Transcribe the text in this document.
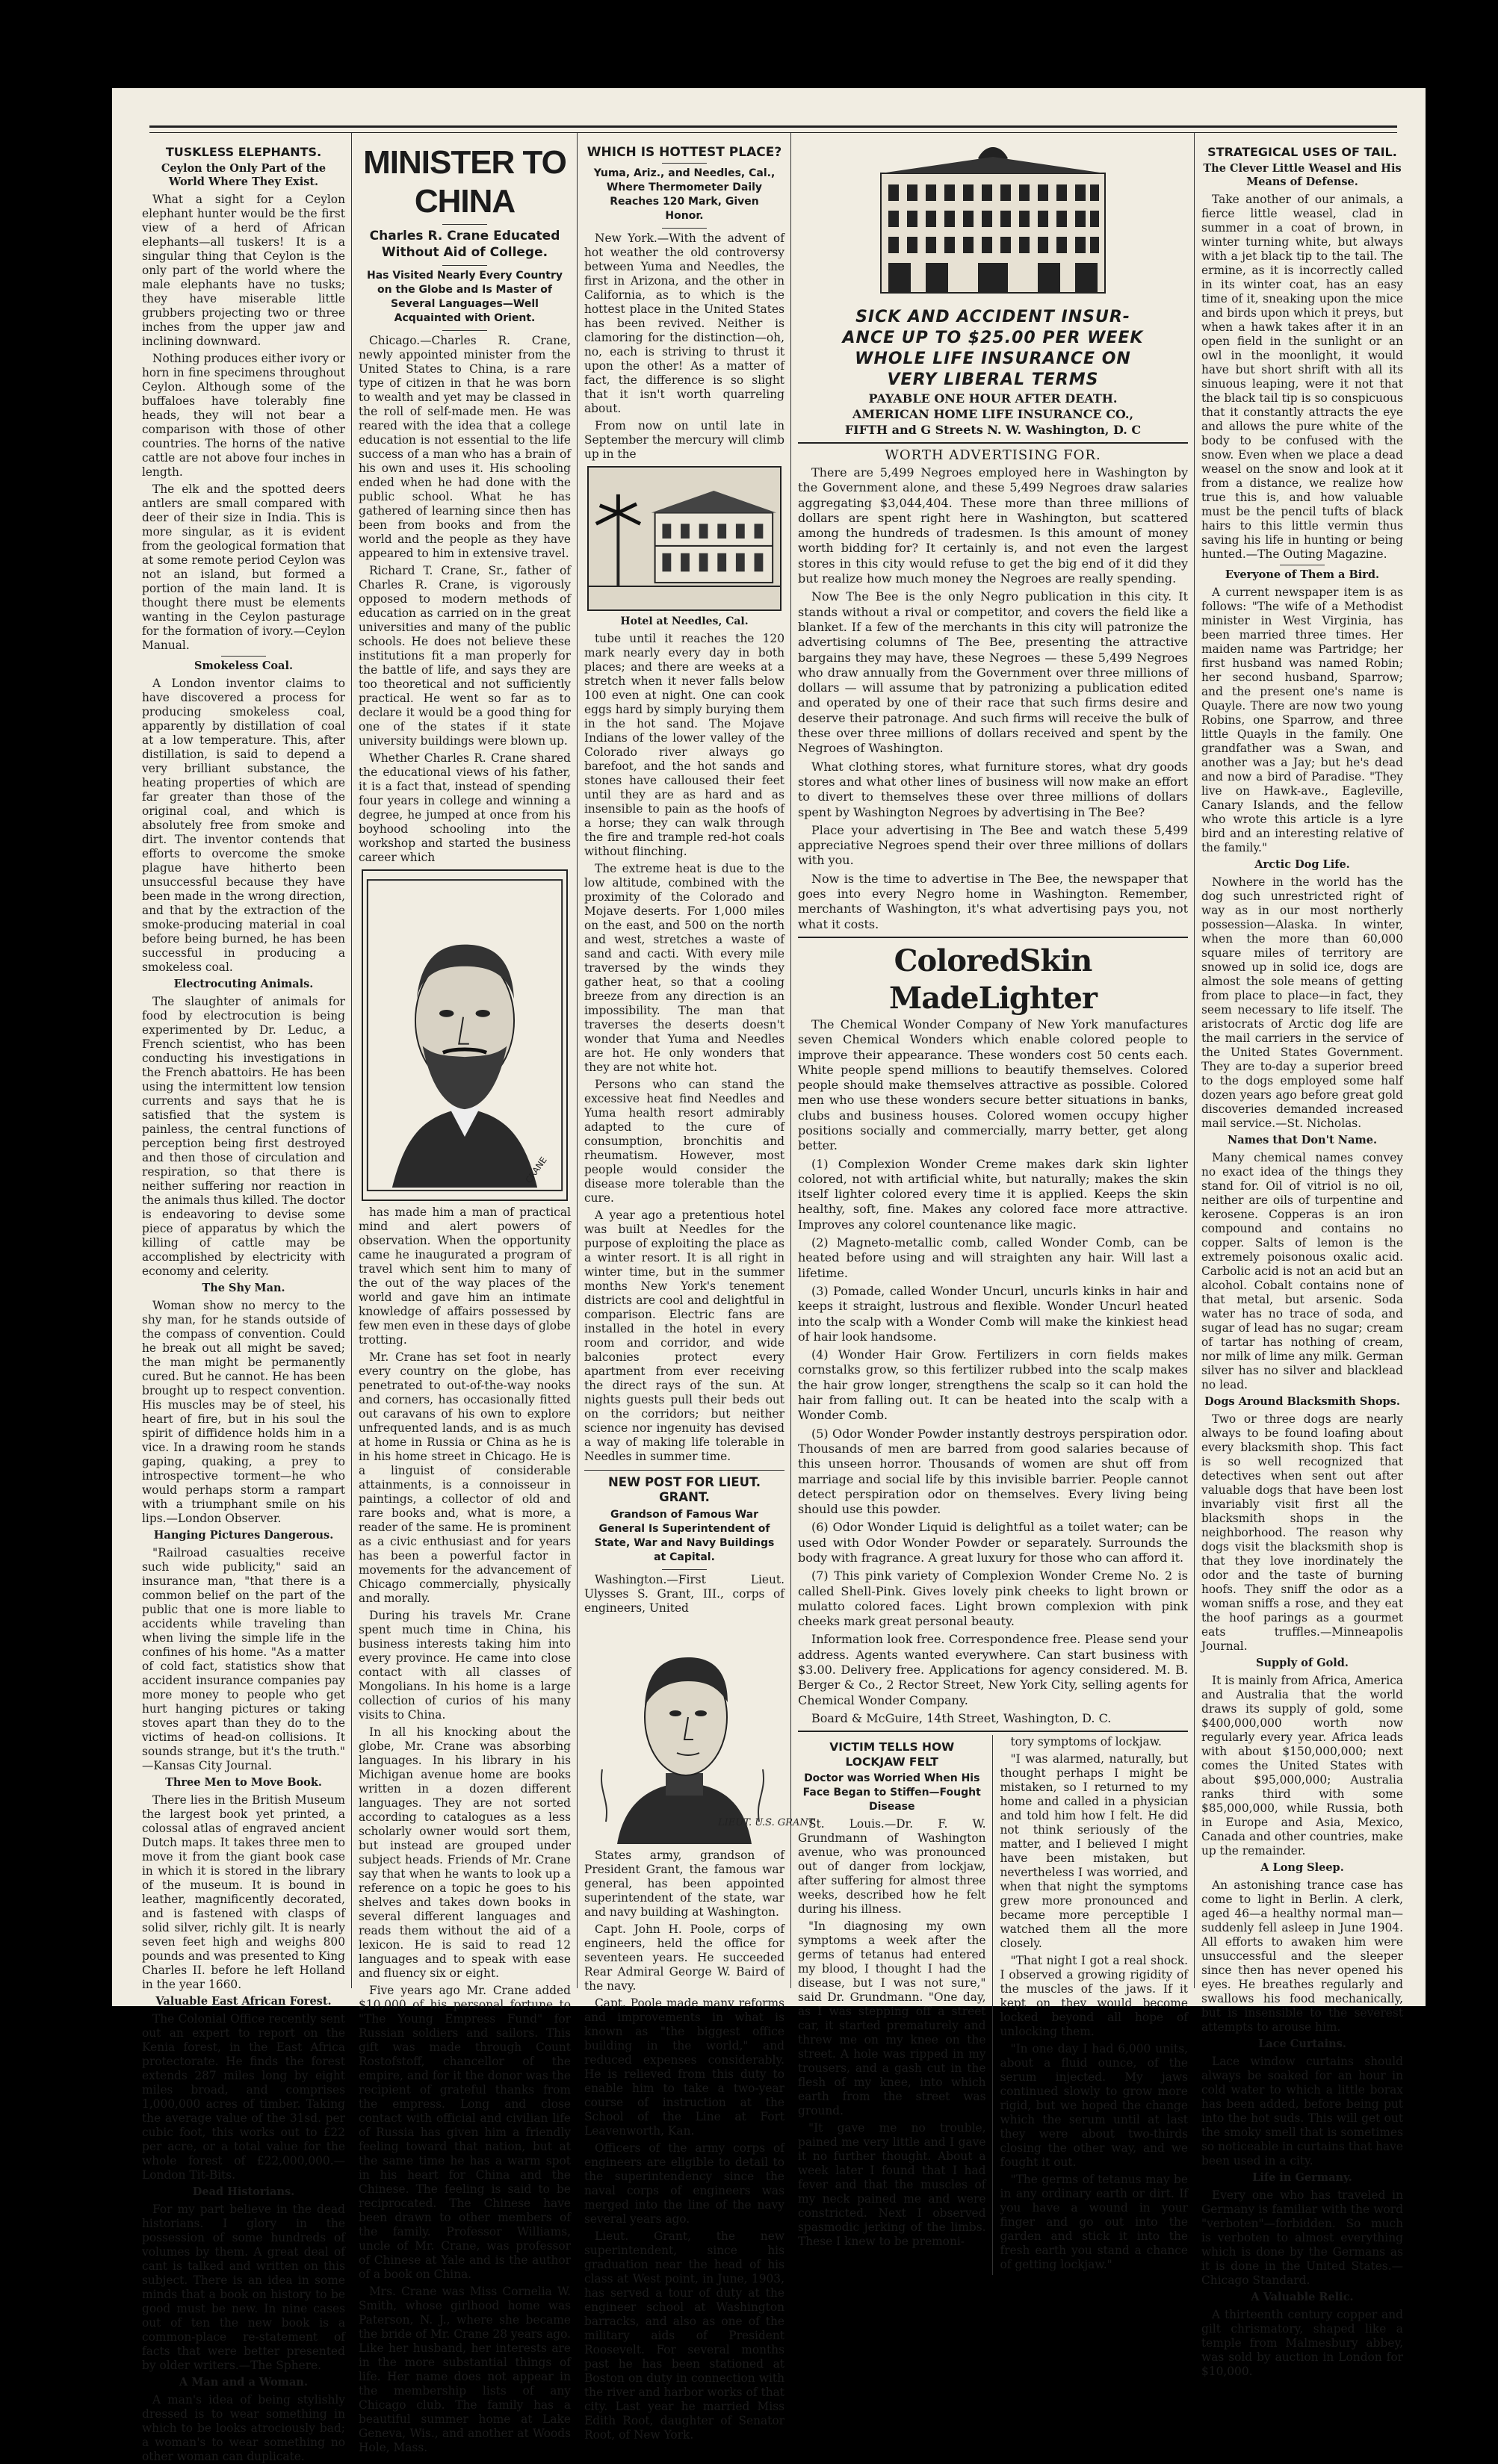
TUSKLESS ELEPHANTS.
Ceylon the Only Part of the World Where They Exist.

What a sight for a Ceylon elephant hunter would be the first view of a herd of African elephants—all tuskers! It is a singular thing that Ceylon is the only part of the world where the male elephants have no tusks; they have miserable little grubbers projecting two or three inches from the upper jaw and inclining downward.

Nothing produces either ivory or horn in fine specimens throughout Ceylon. Although some of the buffaloes have tolerably fine heads, they will not bear a comparison with those of other countries. The horns of the native cattle are not above four inches in length.

The elk and the spotted deers antlers are small compared with deer of their size in India. This is more singular, as it is evident from the geological formation that at some remote period Ceylon was not an island, but formed a portion of the main land. It is thought there must be elements wanting in the Ceylon pasturage for the formation of ivory.—Ceylon Manual.

Smokeless Coal.

A London inventor claims to have discovered a process for producing smokeless coal, apparently by distillation of coal at a low temperature. This, after distillation, is said to depend a very brilliant substance, the heating properties of which are far greater than those of the original coal, and which is absolutely free from smoke and dirt. The inventor contends that efforts to overcome the smoke plague have hitherto been unsuccessful because they have been made in the wrong direction, and that by the extraction of the smoke-producing material in coal before being burned, he has been successful in producing a smokeless coal.

Electrocuting Animals.

The slaughter of animals for food by electrocution is being experimented by Dr. Leduc, a French scientist, who has been conducting his investigations in the French abattoirs. He has been using the intermittent low tension currents and says that he is satisfied that the system is painless, the central functions of perception being first destroyed and then those of circulation and respiration, so that there is neither suffering nor reaction in the animals thus killed. The doctor is endeavoring to devise some piece of apparatus by which the killing of cattle may be accomplished by electricity with economy and celerity.

The Shy Man.

Woman show no mercy to the shy man, for he stands outside of the compass of convention. Could he break out all might be saved; the man might be permanently cured. But he cannot. He has been brought up to respect convention. His muscles may be of steel, his heart of fire, but in his soul the spirit of diffidence holds him in a vice. In a drawing room he stands gaping, quaking, a prey to introspective torment—he who would perhaps storm a rampart with a triumphant smile on his lips.—London Observer.

Hanging Pictures Dangerous.

"Railroad casualties receive such wide publicity," said an insurance man, "that there is a common belief on the part of the public that one is more liable to accidents while traveling than when living the simple life in the confines of his home. "As a matter of cold fact, statistics show that accident insurance companies pay more money to people who get hurt hanging pictures or taking stoves apart than they do to the victims of head-on collisions. It sounds strange, but it's the truth." —Kansas City Journal.

Three Men to Move Book.

There lies in the British Museum the largest book yet printed, a colossal atlas of engraved ancient Dutch maps. It takes three men to move it from the giant book case in which it is stored in the library of the museum. It is bound in leather, magnificently decorated, and is fastened with clasps of solid silver, richly gilt. It is nearly seven feet high and weighs 800 pounds and was presented to King Charles II. before he left Holland in the year 1660.

Valuable East African Forest.

The Colonial Office recently sent out an expert to report on the Kenia forest, in the East Africa protectorate. He finds the forest extends 287 miles long by eight miles broad, and comprises 1,000,000 acres of timber. Taking the average value of the 31sd. per cubic foot, this works out to £22 per acre, or a total value for the whole forest of £22,000,000.—London Tit-Bits.

Dead Historians.

For my part believe in the dead historians. I glory in the possession of some hundreds of volumes by them. A great deal of cant is talked and written on this subject. There is an idea in some minds that a book on history to be good must be new. In nine cases out of ten the new book is a common-place re-statement of facts that were better presented by older writers.—The Sphere.

A Man and a Woman.

A man's idea of being stylishly dressed is to wear something in which to be looks atrociously bad; a woman's to wear something no other woman can duplicate.

MINISTER TO CHINA
Charles R. Crane Educated Without Aid of College.
Has Visited Nearly Every Country on the Globe and Is Master of Several Languages—Well Acquainted with Orient.

Chicago.—Charles R. Crane, newly appointed minister from the United States to China, is a rare type of citizen in that he was born to wealth and yet may be classed in the roll of self-made men. He was reared with the idea that a college education is not essential to the life success of a man who has a brain of his own and uses it. His schooling ended when he had done with the public school. What he has gathered of learning since then has been from books and from the world and the people as they have appeared to him in extensive travel.

Richard T. Crane, Sr., father of Charles R. Crane, is vigorously opposed to modern methods of education as carried on in the great universities and many of the public schools. He does not believe these institutions fit a man properly for the battle of life, and says they are too theoretical and not sufficiently practical. He went so far as to declare it would be a good thing for one of the states if it state university buildings were blown up.

Whether Charles R. Crane shared the educational views of his father, it is a fact that, instead of spending four years in college and winning a degree, he jumped at once from his boyhood schooling into the workshop and started the business career which

CRANE

has made him a man of practical mind and alert powers of observation. When the opportunity came he inaugurated a program of travel which sent him to many of the out of the way places of the world and gave him an intimate knowledge of affairs possessed by few men even in these days of globe trotting.

Mr. Crane has set foot in nearly every country on the globe, has penetrated to out-of-the-way nooks and corners, has occasionally fitted out caravans of his own to explore unfrequented lands, and is as much at home in Russia or China as he is in his home street in Chicago. He is a linguist of considerable attainments, is a connoisseur in paintings, a collector of old and rare books and, what is more, a reader of the same. He is prominent as a civic enthusiast and for years has been a powerful factor in movements for the advancement of Chicago commercially, physically and morally.

During his travels Mr. Crane spent much time in China, his business interests taking him into every province. He came into close contact with all classes of Mongolians. In his home is a large collection of curios of his many visits to China.

In all his knocking about the globe, Mr. Crane was absorbing languages. In his library in his Michigan avenue home are books written in a dozen different languages. They are not sorted according to catalogues as a less scholarly owner would sort them, but instead are grouped under subject heads. Friends of Mr. Crane say that when he wants to look up a reference on a topic he goes to his shelves and takes down books in several different languages and reads them without the aid of a lexicon. He is said to read 12 languages and to speak with ease and fluency six or eight.

Five years ago Mr. Crane added $10,000 of his personal fortune to "The Young Empress Fund" for Russian soldiers and sailors. This gift was made through Count Rostofstoff, chancellor of the empire, and for it the donor was the recipient of grateful thanks from the empress. Long and close contact with official and civilian life of Russia has given him a friendly feeling toward that nation, but at the same time he has a warm spot in his heart for China and the Chinese. The feeling is said to be reciprocated. The Chinese have been drawn to other members of the family. Professor Williams, uncle of Mr. Crane, was professor of Chinese at Yale and is the author of a book on China.

Mrs. Crane was Miss Cornelia W. Smith, whose girlhood home was Paterson, N. J., where she became the bride of Mr. Crane 28 years ago. Like her husband, her interests are in the more substantial things of life. Her name does not appear in the membership lists of any Chicago club. The family has a beautiful summer home at Lake Geneva, Wis., and another at Woods Hole, Mass.

WHICH IS HOTTEST PLACE?
Yuma, Ariz., and Needles, Cal., Where Thermometer Daily Reaches 120 Mark, Given Honor.

New York.—With the advent of hot weather the old controversy between Yuma and Needles, the first in Arizona, and the other in California, as to which is the hottest place in the United States has been revived. Neither is clamoring for the distinction—oh, no, each is striving to thrust it upon the other! As a matter of fact, the difference is so slight that it isn't worth quarreling about.

From now on until late in September the mercury will climb up in the

Hotel at Needles, Cal.

tube until it reaches the 120 mark nearly every day in both places; and there are weeks at a stretch when it never falls below 100 even at night. One can cook eggs hard by simply burying them in the hot sand. The Mojave Indians of the lower valley of the Colorado river always go barefoot, and the hot sands and stones have calloused their feet until they are as hard and as insensible to pain as the hoofs of a horse; they can walk through the fire and trample red-hot coals without flinching.

The extreme heat is due to the low altitude, combined with the proximity of the Colorado and Mojave deserts. For 1,000 miles on the east, and 500 on the north and west, stretches a waste of sand and cacti. With every mile traversed by the winds they gather heat, so that a cooling breeze from any direction is an impossibility. The man that traverses the deserts doesn't wonder that Yuma and Needles are hot. He only wonders that they are not white hot.

Persons who can stand the excessive heat find Needles and Yuma health resort admirably adapted to the cure of consumption, bronchitis and rheumatism. However, most people would consider the disease more tolerable than the cure.

A year ago a pretentious hotel was built at Needles for the purpose of exploiting the place as a winter resort. It is all right in winter time, but in the summer months New York's tenement districts are cool and delightful in comparison. Electric fans are installed in the hotel in every room and corridor, and wide balconies protect every apartment from ever receiving the direct rays of the sun. At nights guests pull their beds out on the corridors; but neither science nor ingenuity has devised a way of making life tolerable in Needles in summer time.

NEW POST FOR LIEUT. GRANT.
Grandson of Famous War General Is Superintendent of State, War and Navy Buildings at Capital.

Washington.—First Lieut. Ulysses S. Grant, III., corps of engineers, United

LIEUT. U.S. GRANT

States army, grandson of President Grant, the famous war general, has been appointed superintendent of the state, war and navy building at Washington.

Capt. John H. Poole, corps of engineers, held the office for seventeen years. He succeeded Rear Admiral George W. Baird of the navy.

Capt. Poole made many reforms and improvements in what is known as "the biggest office building in the world," and reduced expenses considerably. He is relieved from this duty to enable him to take a two-year course of instruction at the School of the Line at Fort Leavenworth, Kan.

Officers of the army corps of engineers are eligible to detail to the superintendency since the naval corps of engineers was merged into the line of the navy several years ago.

Lieut. Grant, the new superintendent, since his graduation near the head of his class at West point, in June, 1903, has served a tour of duty at the engineer school at Washington barracks, and also as one of the military aids of President Roosevelt. For several months past he has been stationed at Boston on duty in connection with the river and harbor works of that city. Last year he married Miss Edith Root, daughter of Senator Root, of New York.

SICK AND ACCIDENT INSUR-
ANCE UP TO $25.00 PER WEEK
WHOLE LIFE INSURANCE ON
VERY LIBERAL TERMS
PAYABLE ONE HOUR AFTER DEATH.
AMERICAN HOME LIFE INSURANCE CO.,
FIFTH and G Streets N. W. Washington, D. C
WORTH ADVERTISING FOR.

There are 5,499 Negroes employed here in Washington by the Government alone, and these 5,499 Negroes draw salaries aggregating $3,044,404. These more than three millions of dollars are spent right here in Washington, but scattered among the hundreds of tradesmen. Is this amount of money worth bidding for? It certainly is, and not even the largest stores in this city would refuse to get the big end of it did they but realize how much money the Negroes are really spending.

Now The Bee is the only Negro publication in this city. It stands without a rival or competitor, and covers the field like a blanket. If a few of the merchants in this city will patronize the advertising columns of The Bee, presenting the attractive bargains they may have, these Negroes — these 5,499 Negroes who draw annually from the Government over three millions of dollars — will assume that by patronizing a publication edited and operated by one of their race that such firms desire and deserve their patronage. And such firms will receive the bulk of these over three millions of dollars received and spent by the Negroes of Washington.

What clothing stores, what furniture stores, what dry goods stores and what other lines of business will now make an effort to divert to themselves these over three millions of dollars spent by Washington Negroes by advertising in The Bee?

Place your advertising in The Bee and watch these 5,499 appreciative Negroes spend their over three millions of dollars with you.

Now is the time to advertise in The Bee, the newspaper that goes into every Negro home in Washington. Remember, merchants of Washington, it's what advertising pays you, not what it costs.

ColoredSkin MadeLighter

The Chemical Wonder Company of New York manufactures seven Chemical Wonders which enable colored people to improve their appearance. These wonders cost 50 cents each. White people spend millions to beautify themselves. Colored people should make themselves attractive as possible. Colored men who use these wonders secure better situations in banks, clubs and business houses. Colored women occupy higher positions socially and commercially, marry better, get along better.

(1) Complexion Wonder Creme makes dark skin lighter colored, not with artificial white, but naturally; makes the skin itself lighter colored every time it is applied. Keeps the skin healthy, soft, fine. Makes any colored face more attractive. Improves any colorel countenance like magic.

(2) Magneto-metallic comb, called Wonder Comb, can be heated before using and will straighten any hair. Will last a lifetime.

(3) Pomade, called Wonder Uncurl, uncurls kinks in hair and keeps it straight, lustrous and flexible. Wonder Uncurl heated into the scalp with a Wonder Comb will make the kinkiest head of hair look handsome.

(4) Wonder Hair Grow. Fertilizers in corn fields makes cornstalks grow, so this fertilizer rubbed into the scalp makes the hair grow longer, strengthens the scalp so it can hold the hair from falling out. It can be heated into the scalp with a Wonder Comb.

(5) Odor Wonder Powder instantly destroys perspiration odor. Thousands of men are barred from good salaries because of this unseen horror. Thousands of women are shut off from marriage and social life by this invisible barrier. People cannot detect perspiration odor on themselves. Every living being should use this powder.

(6) Odor Wonder Liquid is delightful as a toilet water; can be used with Odor Wonder Powder or separately. Surrounds the body with fragrance. A great luxury for those who can afford it.

(7) This pink variety of Complexion Wonder Creme No. 2 is called Shell-Pink. Gives lovely pink cheeks to light brown or mulatto colored faces. Light brown complexion with pink cheeks mark great personal beauty.

Information look free. Correspondence free. Please send your address. Agents wanted everywhere. Can start business with $3.00. Delivery free. Applications for agency considered. M. B. Berger & Co., 2 Rector Street, New York City, selling agents for Chemical Wonder Company.

Board & McGuire, 14th Street, Washington, D. C.

VICTIM TELLS HOW LOCKJAW FELT
Doctor was Worried When His Face Began to Stiffen—Fought Disease

St. Louis.—Dr. F. W. Grundmann of Washington avenue, who was pronounced out of danger from lockjaw, after suffering for almost three weeks, described how he felt during his illness.

"In diagnosing my own symptoms a week after the germs of tetanus had entered my blood, I thought I had the disease, but I was not sure," said Dr. Grundmann. "One day, as I was stepping off a street car, it started prematurely and threw me on my knee on the street. A hole was ripped in my trousers, and a gash cut in the flesh of my knee, into which earth from the street was ground.

"It gave me no trouble, pained me very little and I gave it no further thought. About a week later I found that I had fever and that the muscles of my neck pained me and were constricted. Next I observed spasmodic jerking of the limbs. These I knew to be premoni-

tory symptoms of lockjaw.

"I was alarmed, naturally, but thought perhaps I might be mistaken, so I returned to my home and called in a physician and told him how I felt. He did not think seriously of the matter, and I believed I might have been mistaken, but nevertheless I was worried, and when that night the symptoms grew more pronounced and became more perceptible I watched them all the more closely.

"That night I got a real shock. I observed a growing rigidity of the muscles of the jaws. If it kept on they would become locked beyond all hope of unlocking them.

"In one day I had 6,000 units, about a fluid ounce, of the serum injected. My jaws continued slowly to grow more rigid, but we hoped the change which the serum until at last they were about two-thirds closing the other way, and we fought it out.

"The germs of tetanus may be in any ordinary earth or dirt. If you have a wound in your finger and go out into the garden and stick it into the fresh earth you stand a chance of getting lockjaw."

STRATEGICAL USES OF TAIL.
The Clever Little Weasel and His Means of Defense.

Take another of our animals, a fierce little weasel, clad in summer in a coat of brown, in winter turning white, but always with a jet black tip to the tail. The ermine, as it is incorrectly called in its winter coat, has an easy time of it, sneaking upon the mice and birds upon which it preys, but when a hawk takes after it in an open field in the sunlight or an owl in the moonlight, it would have but short shrift with all its sinuous leaping, were it not that the black tail tip is so conspicuous that it constantly attracts the eye and allows the pure white of the body to be confused with the snow. Even when we place a dead weasel on the snow and look at it from a distance, we realize how true this is, and how valuable must be the pencil tufts of black hairs to this little vermin thus saving his life in hunting or being hunted.—The Outing Magazine.

Everyone of Them a Bird.

A current newspaper item is as follows: "The wife of a Methodist minister in West Virginia, has been married three times. Her maiden name was Partridge; her first husband was named Robin; her second husband, Sparrow; and the present one's name is Quayle. There are now two young Robins, one Sparrow, and three little Quayls in the family. One grandfather was a Swan, and another was a Jay; but he's dead and now a bird of Paradise. "They live on Hawk-ave., Eagleville, Canary Islands, and the fellow who wrote this article is a lyre bird and an interesting relative of the family."

Arctic Dog Life.

Nowhere in the world has the dog such unrestricted right of way as in our most northerly possession—Alaska. In winter, when the more than 60,000 square miles of territory are snowed up in solid ice, dogs are almost the sole means of getting from place to place—in fact, they seem necessary to life itself. The aristocrats of Arctic dog life are the mail carriers in the service of the United States Government. They are to-day a superior breed to the dogs employed some half dozen years ago before great gold discoveries demanded increased mail service.—St. Nicholas.

Names that Don't Name.

Many chemical names convey no exact idea of the things they stand for. Oil of vitriol is no oil, neither are oils of turpentine and kerosene. Copperas is an iron compound and contains no copper. Salts of lemon is the extremely poisonous oxalic acid. Carbolic acid is not an acid but an alcohol. Cobalt contains none of that metal, but arsenic. Soda water has no trace of soda, and sugar of lead has no sugar; cream of tartar has nothing of cream, nor milk of lime any milk. German silver has no silver and blacklead no lead.

Dogs Around Blacksmith Shops.

Two or three dogs are nearly always to be found loafing about every blacksmith shop. This fact is so well recognized that detectives when sent out after valuable dogs that have been lost invariably visit first all the blacksmith shops in the neighborhood. The reason why dogs visit the blacksmith shop is that they love inordinately the odor and the taste of burning hoofs. They sniff the odor as a woman sniffs a rose, and they eat the hoof parings as a gourmet eats truffles.—Minneapolis Journal.

Supply of Gold.

It is mainly from Africa, America and Australia that the world draws its supply of gold, some $400,000,000 worth now regularly every year. Africa leads with about $150,000,000; next comes the United States with about $95,000,000; Australia ranks third with some $85,000,000, while Russia, both in Europe and Asia, Mexico, Canada and other countries, make up the remainder.

A Long Sleep.

An astonishing trance case has come to light in Berlin. A clerk, aged 46—a healthy normal man—suddenly fell asleep in June 1904. All efforts to awaken him were unsuccessful and the sleeper since then has never opened his eyes. He breathes regularly and swallows his food mechanically, but is insensible to the severest attempts to arouse him.

Lace Curtains.

Lace window curtains should always be soaked for an hour in cold water to which a little borax has been added, before being put into the hot suds. This will get out the smoky smell that is sometimes so noticeable in curtains that have been used in a city.

Life in Germany.

Every one who has traveled in Germany is familiar with the word "verboten"—forbidden. So much is verboten to almost everything which is done by the Germans as it is done in the United States.—Chicago Standard.

A Valuable Relic.

A thirteenth century copper and gilt chrismatory, shaped like a temple from Malmesbury abbey, was sold by auction in London for $10,000.
